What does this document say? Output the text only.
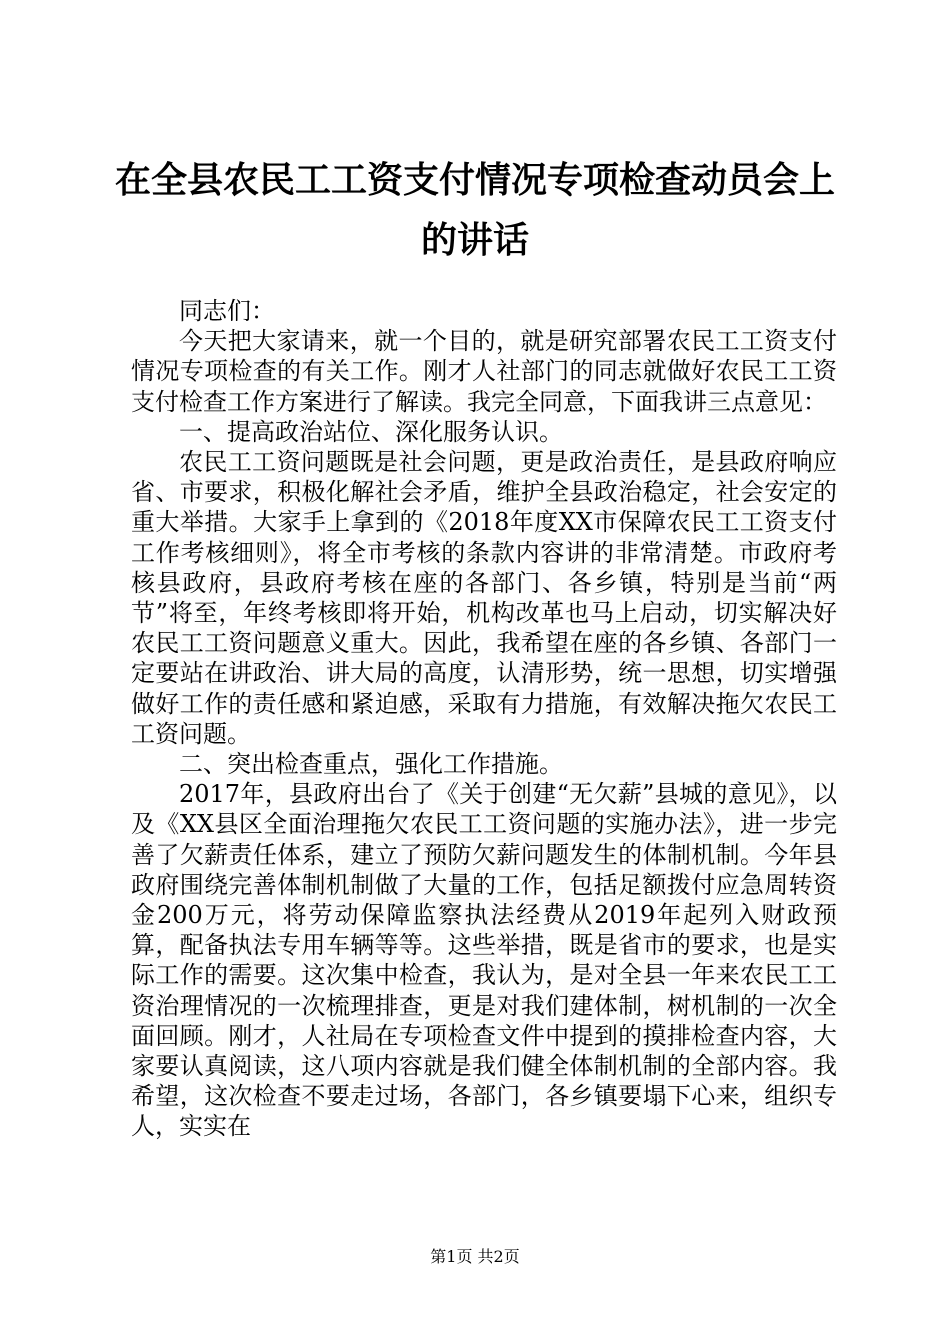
在全县农民工工资支付情况专项检查动员会上的讲话

同志们：

今天把大家请来，就一个目的，就是研究部署农民工工资支付情况专项检查的有关工作。刚才人社部门的同志就做好农民工工资支付检查工作方案进行了解读。我完全同意，下面我讲三点意见：

一、提高政治站位、深化服务认识。

农民工工资问题既是社会问题，更是政治责任，是县政府响应省、市要求，积极化解社会矛盾，维护全县政治稳定，社会安定的重大举措。大家手上拿到的《2018年度XX市保障农民工工资支付工作考核细则》，将全市考核的条款内容讲的非常清楚。市政府考核县政府，县政府考核在座的各部门、各乡镇，特别是当前“两节”将至，年终考核即将开始，机构改革也马上启动，切实解决好农民工工资问题意义重大。因此，我希望在座的各乡镇、各部门一定要站在讲政治、讲大局的高度，认清形势，统一思想，切实增强做好工作的责任感和紧迫感，采取有力措施，有效解决拖欠农民工工资问题。

二、突出检查重点，强化工作措施。

2017年，县政府出台了《关于创建“无欠薪”县城的意见》，以及《XX县区全面治理拖欠农民工工资问题的实施办法》，进一步完善了欠薪责任体系，建立了预防欠薪问题发生的体制机制。今年县政府围绕完善体制机制做了大量的工作，包括足额拨付应急周转资金200万元，将劳动保障监察执法经费从2019年起列入财政预算，配备执法专用车辆等等。这些举措，既是省市的要求，也是实际工作的需要。这次集中检查，我认为，是对全县一年来农民工工资治理情况的一次梳理排查，更是对我们建体制，树机制的一次全面回顾。刚才，人社局在专项检查文件中提到的摸排检查内容，大家要认真阅读，这八项内容就是我们健全体制机制的全部内容。我希望，这次检查不要走过场，各部门，各乡镇要塌下心来，组织专人，实实在

第1页 共2页
